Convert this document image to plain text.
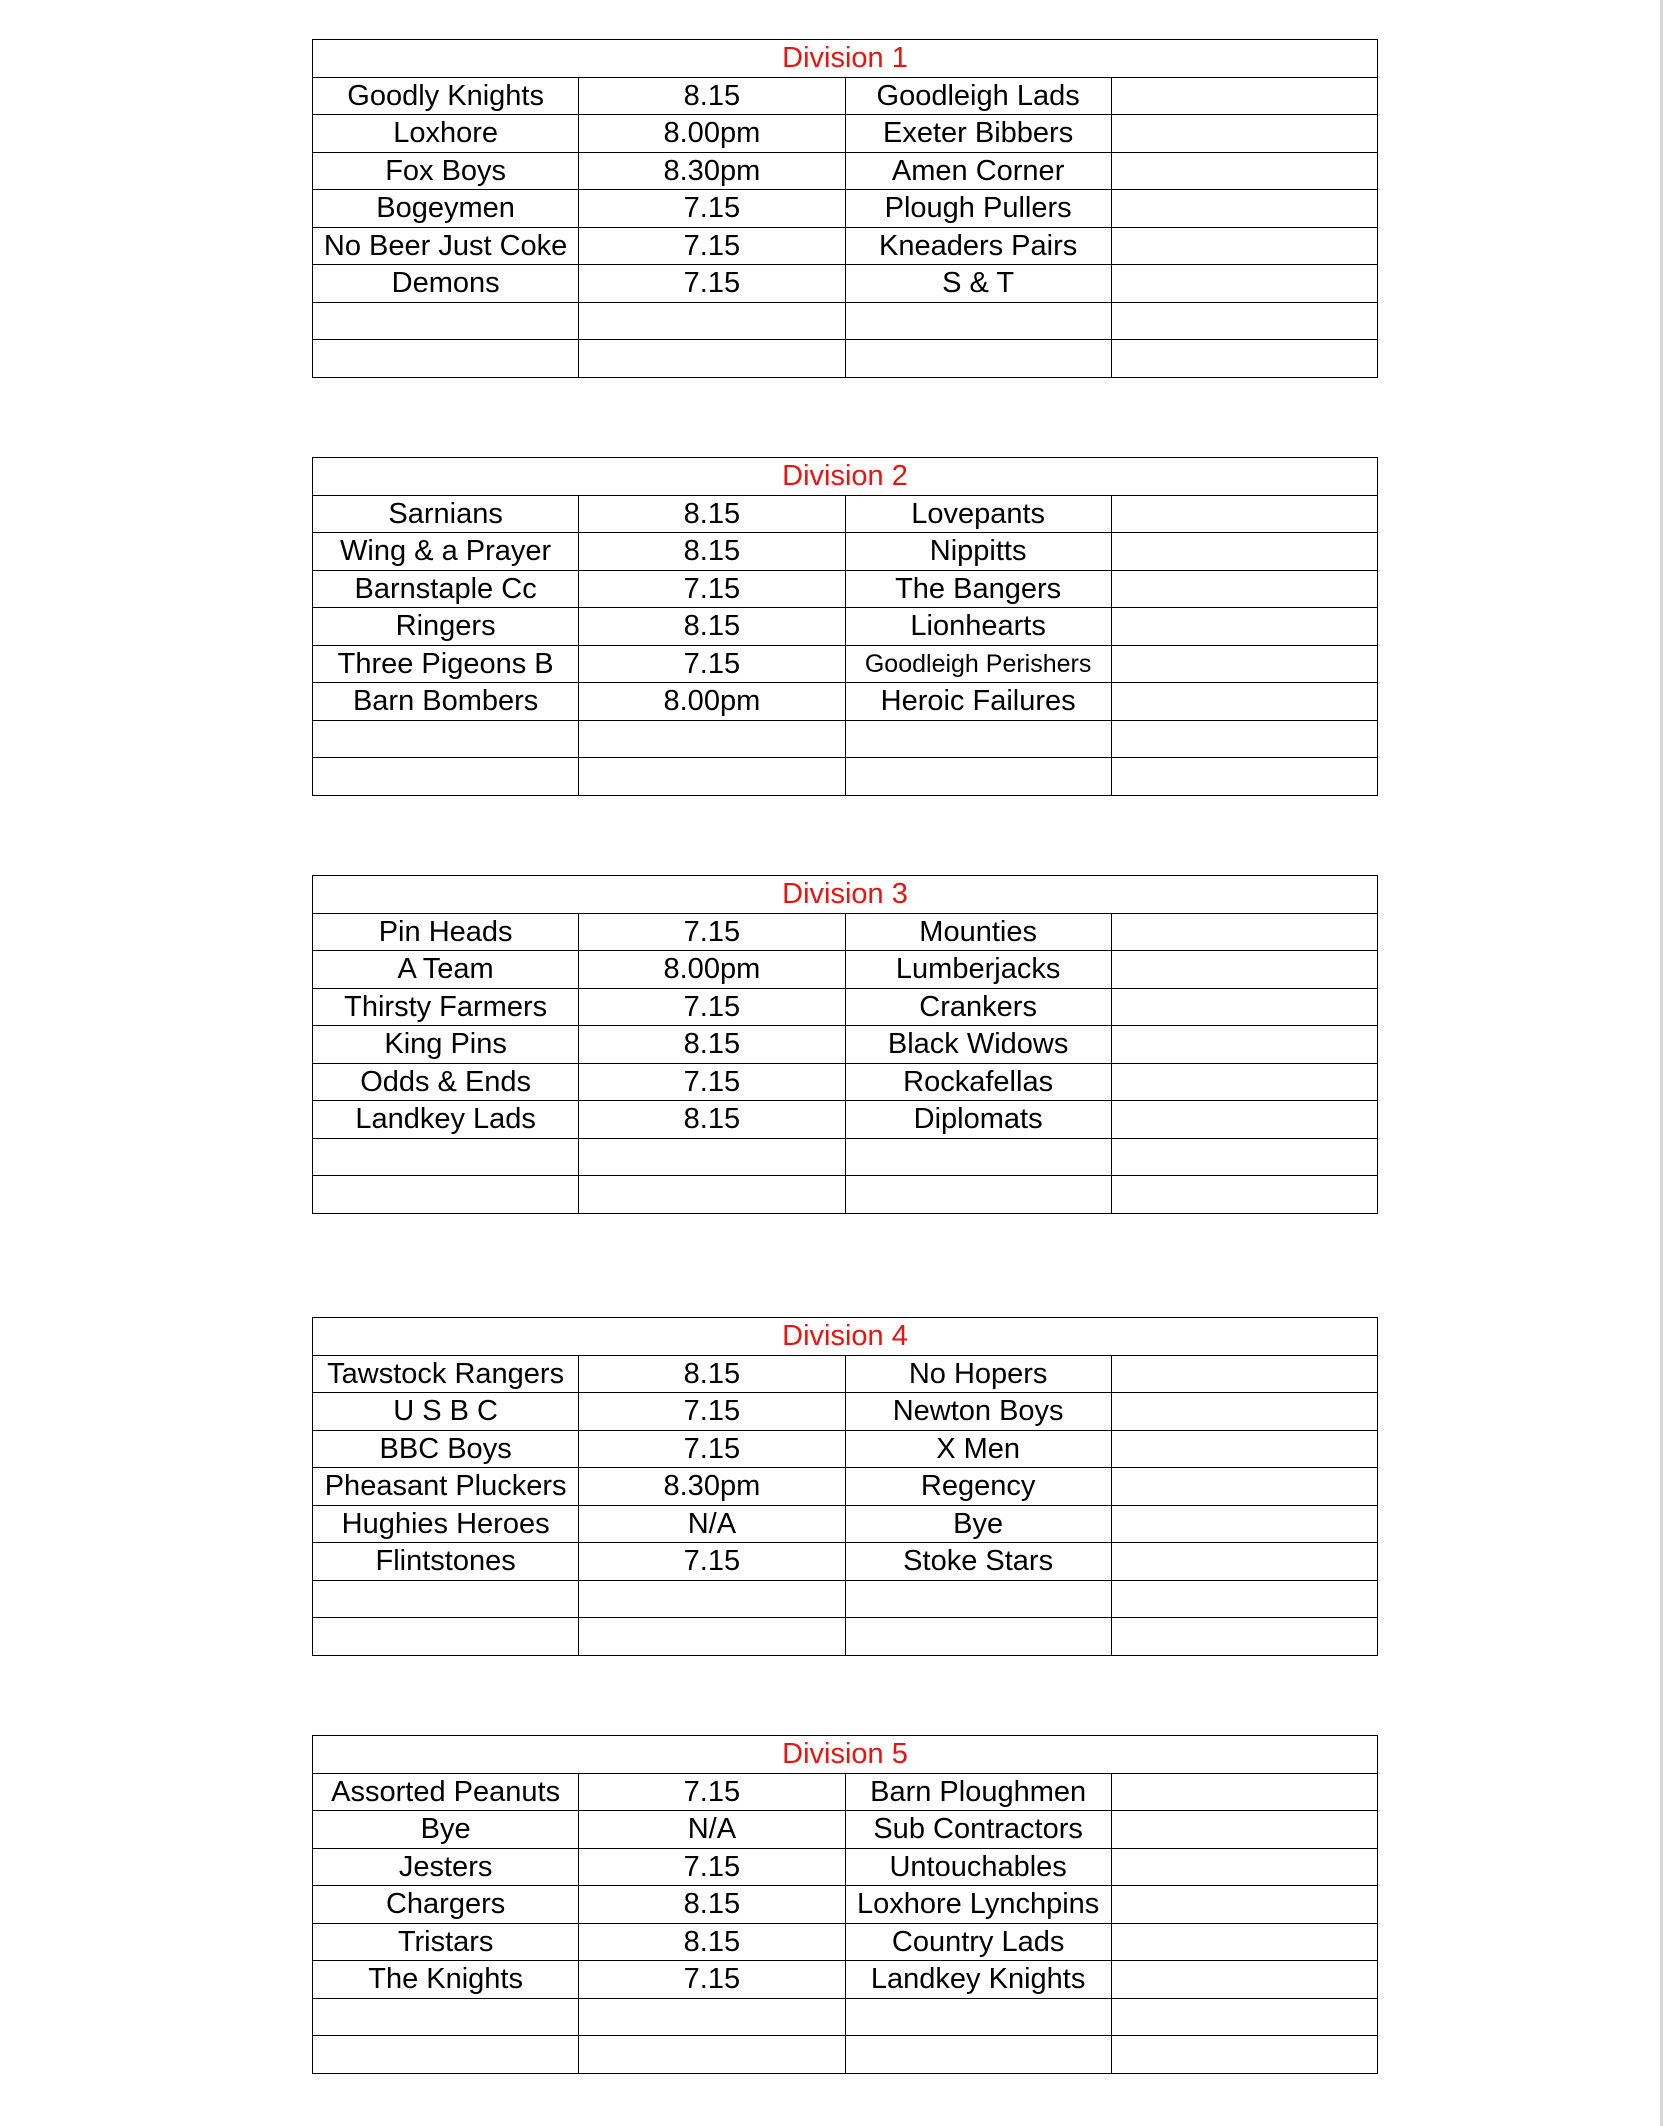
Division 1			
Goodly Knights	8.15	Goodleigh Lads	
Loxhore	8.00pm	Exeter Bibbers	
Fox Boys	8.30pm	Amen Corner	
Bogeymen	7.15	Plough Pullers	
No Beer Just Coke	7.15	Kneaders Pairs	
Demons	7.15	S & T	

Division 2			
Sarnians	8.15	Lovepants	
Wing & a Prayer	8.15	Nippitts	
Barnstaple Cc	7.15	The Bangers	
Ringers	8.15	Lionhearts	
Three Pigeons B	7.15	Goodleigh Perishers	
Barn Bombers	8.00pm	Heroic Failures	

Division 3			
Pin Heads	7.15	Mounties	
A Team	8.00pm	Lumberjacks	
Thirsty Farmers	7.15	Crankers	
King Pins	8.15	Black Widows	
Odds & Ends	7.15	Rockafellas	
Landkey Lads	8.15	Diplomats	

Division 4			
Tawstock Rangers	8.15	No Hopers	
U S B C	7.15	Newton Boys	
BBC Boys	7.15	X Men	
Pheasant Pluckers	8.30pm	Regency	
Hughies Heroes	N/A	Bye	
Flintstones	7.15	Stoke Stars	

Division 5			
Assorted Peanuts	7.15	Barn Ploughmen	
Bye	N/A	Sub Contractors	
Jesters	7.15	Untouchables	
Chargers	8.15	Loxhore Lynchpins	
Tristars	8.15	Country Lads	
The Knights	7.15	Landkey Knights	
